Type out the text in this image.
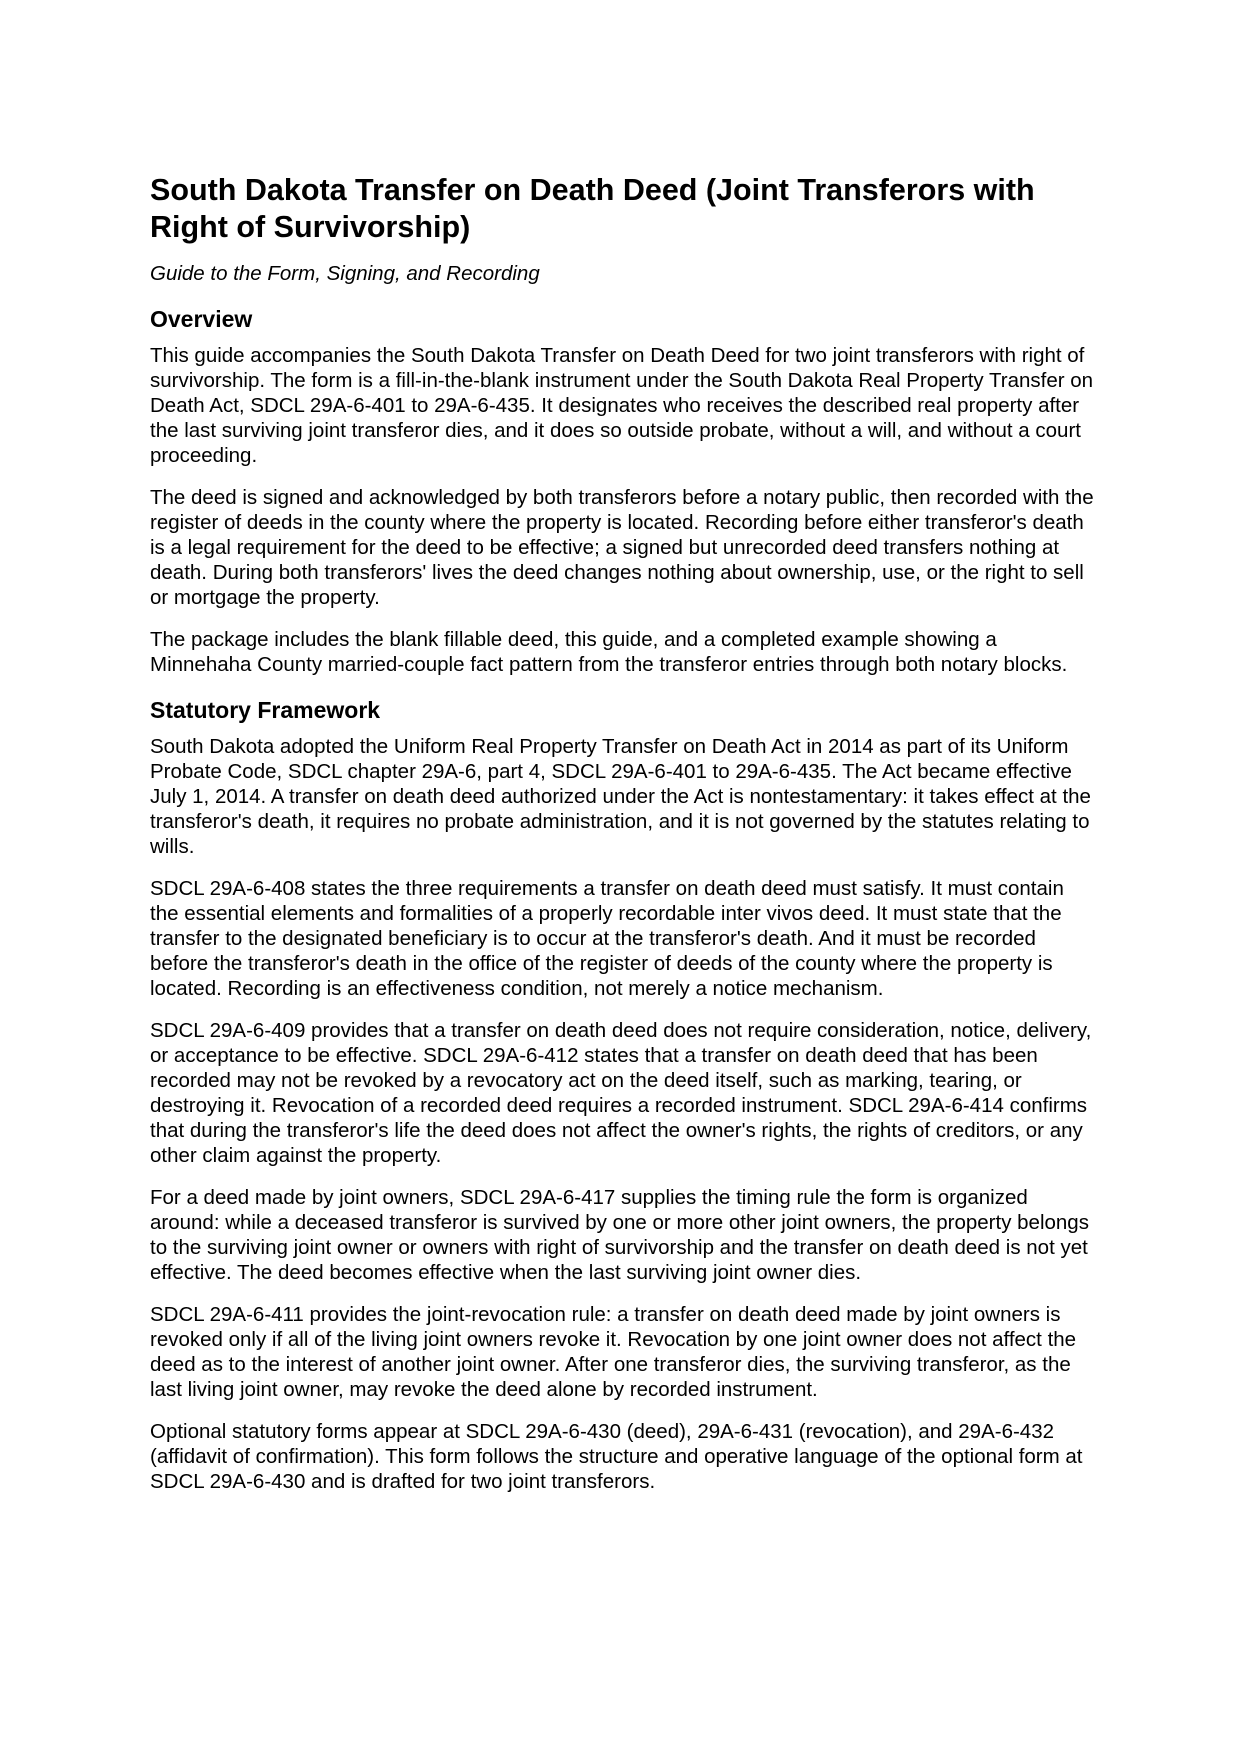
South Dakota Transfer on Death Deed (Joint Transferors with Right of Survivorship)

Guide to the Form, Signing, and Recording

Overview

This guide accompanies the South Dakota Transfer on Death Deed for two joint transferors with right of survivorship. The form is a fill-in-the-blank instrument under the South Dakota Real Property Transfer on Death Act, SDCL 29A-6-401 to 29A-6-435. It designates who receives the described real property after the last surviving joint transferor dies, and it does so outside probate, without a will, and without a court proceeding.

The deed is signed and acknowledged by both transferors before a notary public, then recorded with the register of deeds in the county where the property is located. Recording before either transferor's death is a legal requirement for the deed to be effective; a signed but unrecorded deed transfers nothing at death. During both transferors' lives the deed changes nothing about ownership, use, or the right to sell or mortgage the property.

The package includes the blank fillable deed, this guide, and a completed example showing a Minnehaha County married-couple fact pattern from the transferor entries through both notary blocks.

Statutory Framework

South Dakota adopted the Uniform Real Property Transfer on Death Act in 2014 as part of its Uniform Probate Code, SDCL chapter 29A-6, part 4, SDCL 29A-6-401 to 29A-6-435. The Act became effective July 1, 2014. A transfer on death deed authorized under the Act is nontestamentary: it takes effect at the transferor's death, it requires no probate administration, and it is not governed by the statutes relating to wills.

SDCL 29A-6-408 states the three requirements a transfer on death deed must satisfy. It must contain the essential elements and formalities of a properly recordable inter vivos deed. It must state that the transfer to the designated beneficiary is to occur at the transferor's death. And it must be recorded before the transferor's death in the office of the register of deeds of the county where the property is located. Recording is an effectiveness condition, not merely a notice mechanism.

SDCL 29A-6-409 provides that a transfer on death deed does not require consideration, notice, delivery, or acceptance to be effective. SDCL 29A-6-412 states that a transfer on death deed that has been recorded may not be revoked by a revocatory act on the deed itself, such as marking, tearing, or destroying it. Revocation of a recorded deed requires a recorded instrument. SDCL 29A-6-414 confirms that during the transferor's life the deed does not affect the owner's rights, the rights of creditors, or any other claim against the property.

For a deed made by joint owners, SDCL 29A-6-417 supplies the timing rule the form is organized around: while a deceased transferor is survived by one or more other joint owners, the property belongs to the surviving joint owner or owners with right of survivorship and the transfer on death deed is not yet effective. The deed becomes effective when the last surviving joint owner dies.

SDCL 29A-6-411 provides the joint-revocation rule: a transfer on death deed made by joint owners is revoked only if all of the living joint owners revoke it. Revocation by one joint owner does not affect the deed as to the interest of another joint owner. After one transferor dies, the surviving transferor, as the last living joint owner, may revoke the deed alone by recorded instrument.

Optional statutory forms appear at SDCL 29A-6-430 (deed), 29A-6-431 (revocation), and 29A-6-432 (affidavit of confirmation). This form follows the structure and operative language of the optional form at SDCL 29A-6-430 and is drafted for two joint transferors.
